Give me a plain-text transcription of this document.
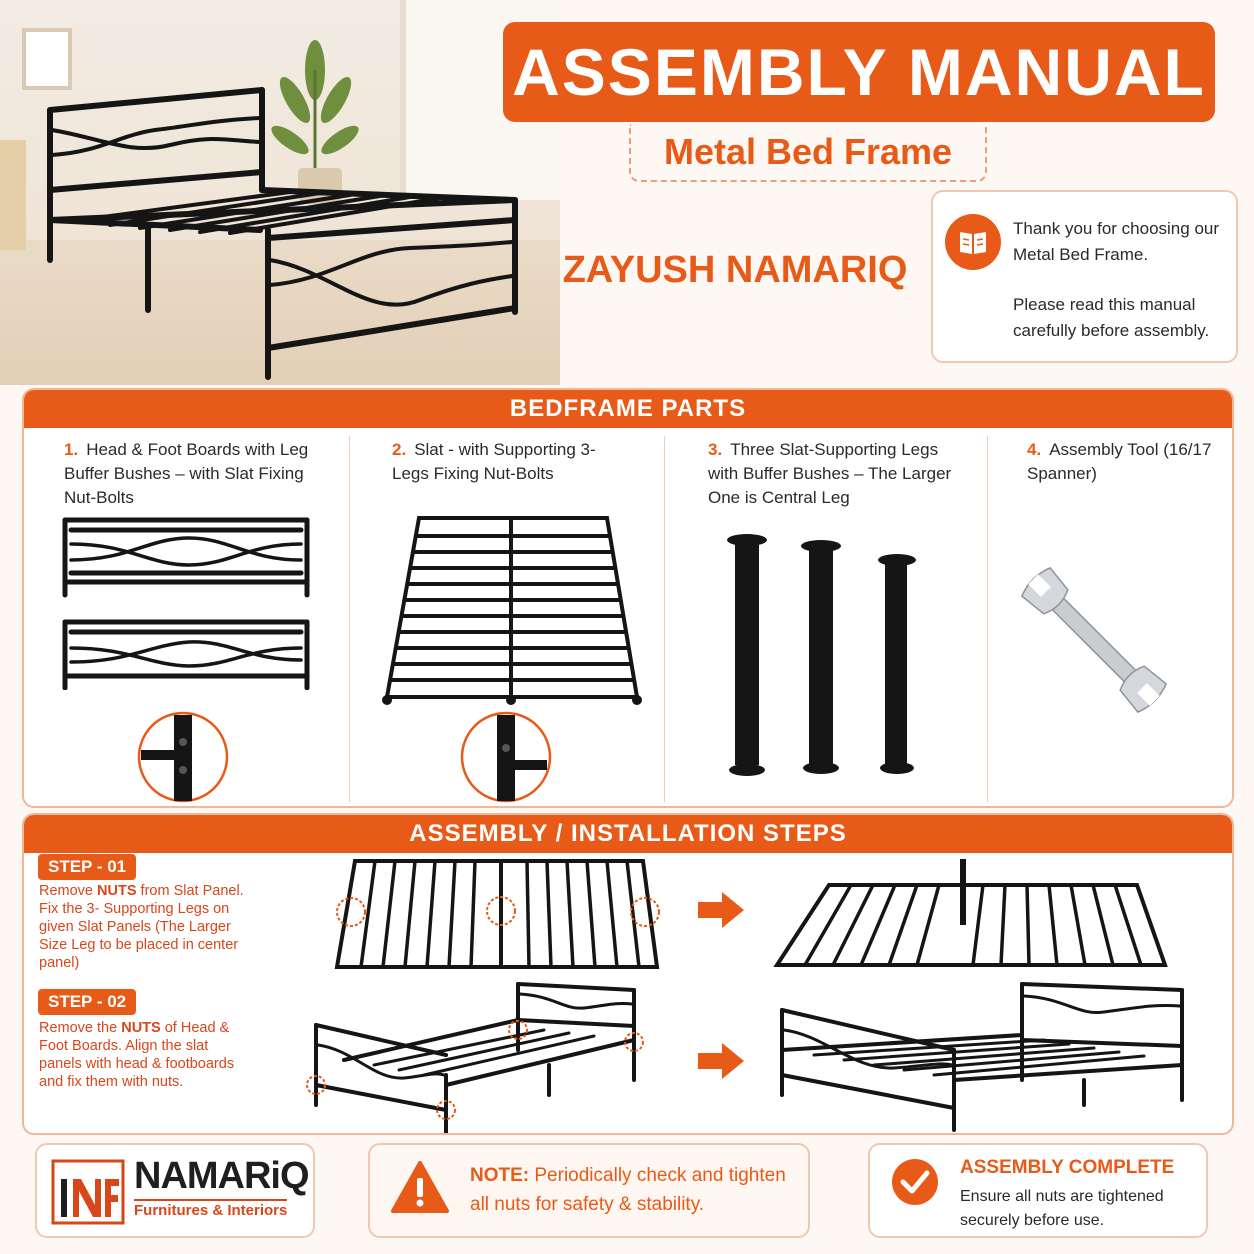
ASSEMBLY MANUAL
Metal Bed Frame
ZAYUSH NAMARIQ

Thank you for choosing our Metal Bed Frame.

Please read this manual carefully before assembly.

BEDFRAME PARTS
1. Head & Foot Boards with Leg Buffer Bushes – with Slat Fixing Nut-Bolts
2. Slat - with Supporting 3-Legs Fixing Nut-Bolts
3. Three Slat-Supporting Legs with Buffer Bushes – The Larger One is Central Leg
4. Assembly Tool (16/17 Spanner)
ASSEMBLY / INSTALLATION STEPS
STEP - 01
Remove NUTS from Slat Panel. Fix the 3- Supporting Legs on given Slat Panels (The Larger Size Leg to be placed in center panel)
STEP - 02
Remove the NUTS of Head & Foot Boards. Align the slat panels with head & footboards and fix them with nuts.
NAMARiQ
Furnitures & Interiors
NOTE: Periodically check and tighten all nuts for safety & stability.
ASSEMBLY COMPLETE
Ensure all nuts are tightened securely before use.
